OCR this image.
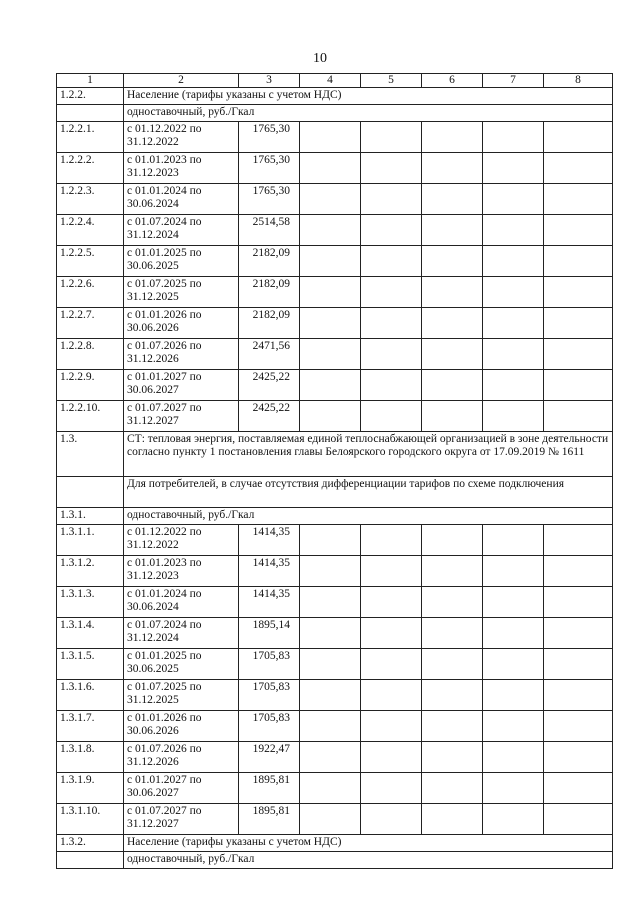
10
1	2	3	4	5	6	7	8
1.2.2.	Население (тарифы указаны с учетом НДС)						
	одноставочный, руб./Гкал						
1.2.2.1.	с 01.12.2022 по 31.12.2022	1765,30					
1.2.2.2.	с 01.01.2023 по 31.12.2023	1765,30					
1.2.2.3.	с 01.01.2024 по 30.06.2024	1765,30					
1.2.2.4.	с 01.07.2024 по 31.12.2024	2514,58					
1.2.2.5.	с 01.01.2025 по 30.06.2025	2182,09					
1.2.2.6.	с 01.07.2025 по 31.12.2025	2182,09					
1.2.2.7.	с 01.01.2026 по 30.06.2026	2182,09					
1.2.2.8.	с 01.07.2026 по 31.12.2026	2471,56					
1.2.2.9.	с 01.01.2027 по 30.06.2027	2425,22					
1.2.2.10.	с 01.07.2027 по 31.12.2027	2425,22					
1.3.	СТ: тепловая энергия, поставляемая единой теплоснабжающей организацией в зоне деятельности согласно пункту 1 постановления главы Белоярского городского округа от 17.09.2019 № 1611						
	Для потребителей, в случае отсутствия дифференциации тарифов по схеме подключения						
1.3.1.	одноставочный, руб./Гкал						
1.3.1.1.	с 01.12.2022 по 31.12.2022	1414,35					
1.3.1.2.	с 01.01.2023 по 31.12.2023	1414,35					
1.3.1.3.	с 01.01.2024 по 30.06.2024	1414,35					
1.3.1.4.	с 01.07.2024 по 31.12.2024	1895,14					
1.3.1.5.	с 01.01.2025 по 30.06.2025	1705,83					
1.3.1.6.	с 01.07.2025 по 31.12.2025	1705,83					
1.3.1.7.	с 01.01.2026 по 30.06.2026	1705,83					
1.3.1.8.	с 01.07.2026 по 31.12.2026	1922,47					
1.3.1.9.	с 01.01.2027 по 30.06.2027	1895,81					
1.3.1.10.	с 01.07.2027 по 31.12.2027	1895,81					
1.3.2.	Население (тарифы указаны с учетом НДС)						
	одноставочный, руб./Гкал						
